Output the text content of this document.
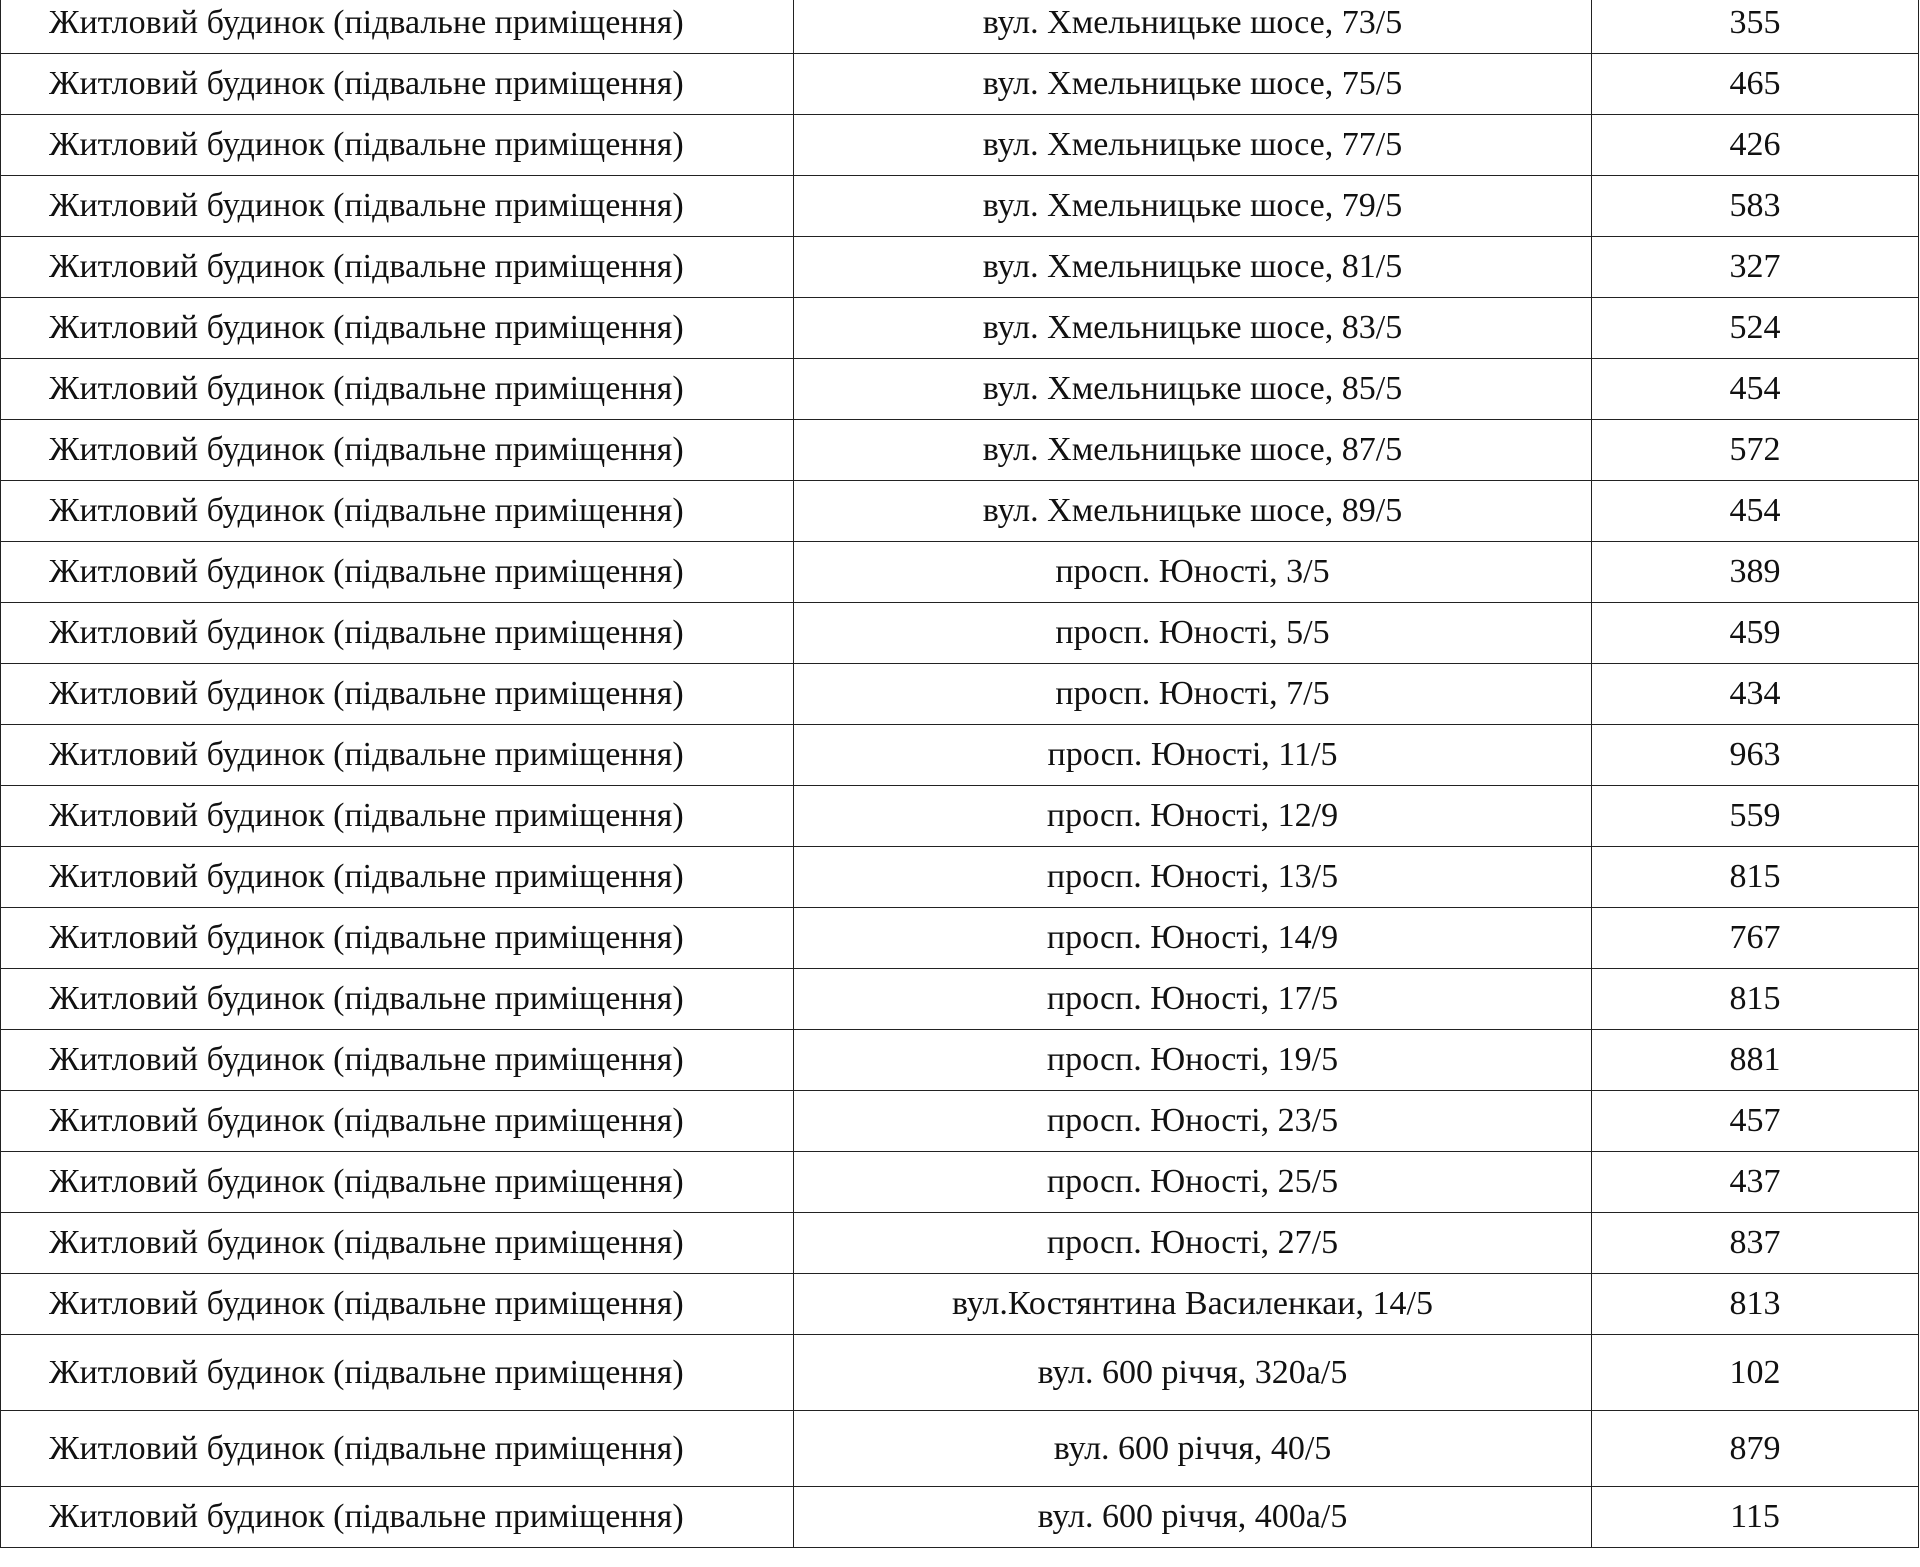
Житловий будинок (підвальне приміщення)	вул. Хмельницьке шосе, 73/5	355
Житловий будинок (підвальне приміщення)	вул. Хмельницьке шосе, 75/5	465
Житловий будинок (підвальне приміщення)	вул. Хмельницьке шосе, 77/5	426
Житловий будинок (підвальне приміщення)	вул. Хмельницьке шосе, 79/5	583
Житловий будинок (підвальне приміщення)	вул. Хмельницьке шосе, 81/5	327
Житловий будинок (підвальне приміщення)	вул. Хмельницьке шосе, 83/5	524
Житловий будинок (підвальне приміщення)	вул. Хмельницьке шосе, 85/5	454
Житловий будинок (підвальне приміщення)	вул. Хмельницьке шосе, 87/5	572
Житловий будинок (підвальне приміщення)	вул. Хмельницьке шосе, 89/5	454
Житловий будинок (підвальне приміщення)	просп. Юності, 3/5	389
Житловий будинок (підвальне приміщення)	просп. Юності, 5/5	459
Житловий будинок (підвальне приміщення)	просп. Юності, 7/5	434
Житловий будинок (підвальне приміщення)	просп. Юності, 11/5	963
Житловий будинок (підвальне приміщення)	просп. Юності, 12/9	559
Житловий будинок (підвальне приміщення)	просп. Юності, 13/5	815
Житловий будинок (підвальне приміщення)	просп. Юності, 14/9	767
Житловий будинок (підвальне приміщення)	просп. Юності, 17/5	815
Житловий будинок (підвальне приміщення)	просп. Юності, 19/5	881
Житловий будинок (підвальне приміщення)	просп. Юності, 23/5	457
Житловий будинок (підвальне приміщення)	просп. Юності, 25/5	437
Житловий будинок (підвальне приміщення)	просп. Юності, 27/5	837
Житловий будинок (підвальне приміщення)	вул.Костянтина Василенкаи, 14/5	813
Житловий будинок (підвальне приміщення)	вул. 600 річчя, 320а/5	102
Житловий будинок (підвальне приміщення)	вул. 600 річчя, 40/5	879
Житловий будинок (підвальне приміщення)	вул. 600 річчя, 400а/5	115
